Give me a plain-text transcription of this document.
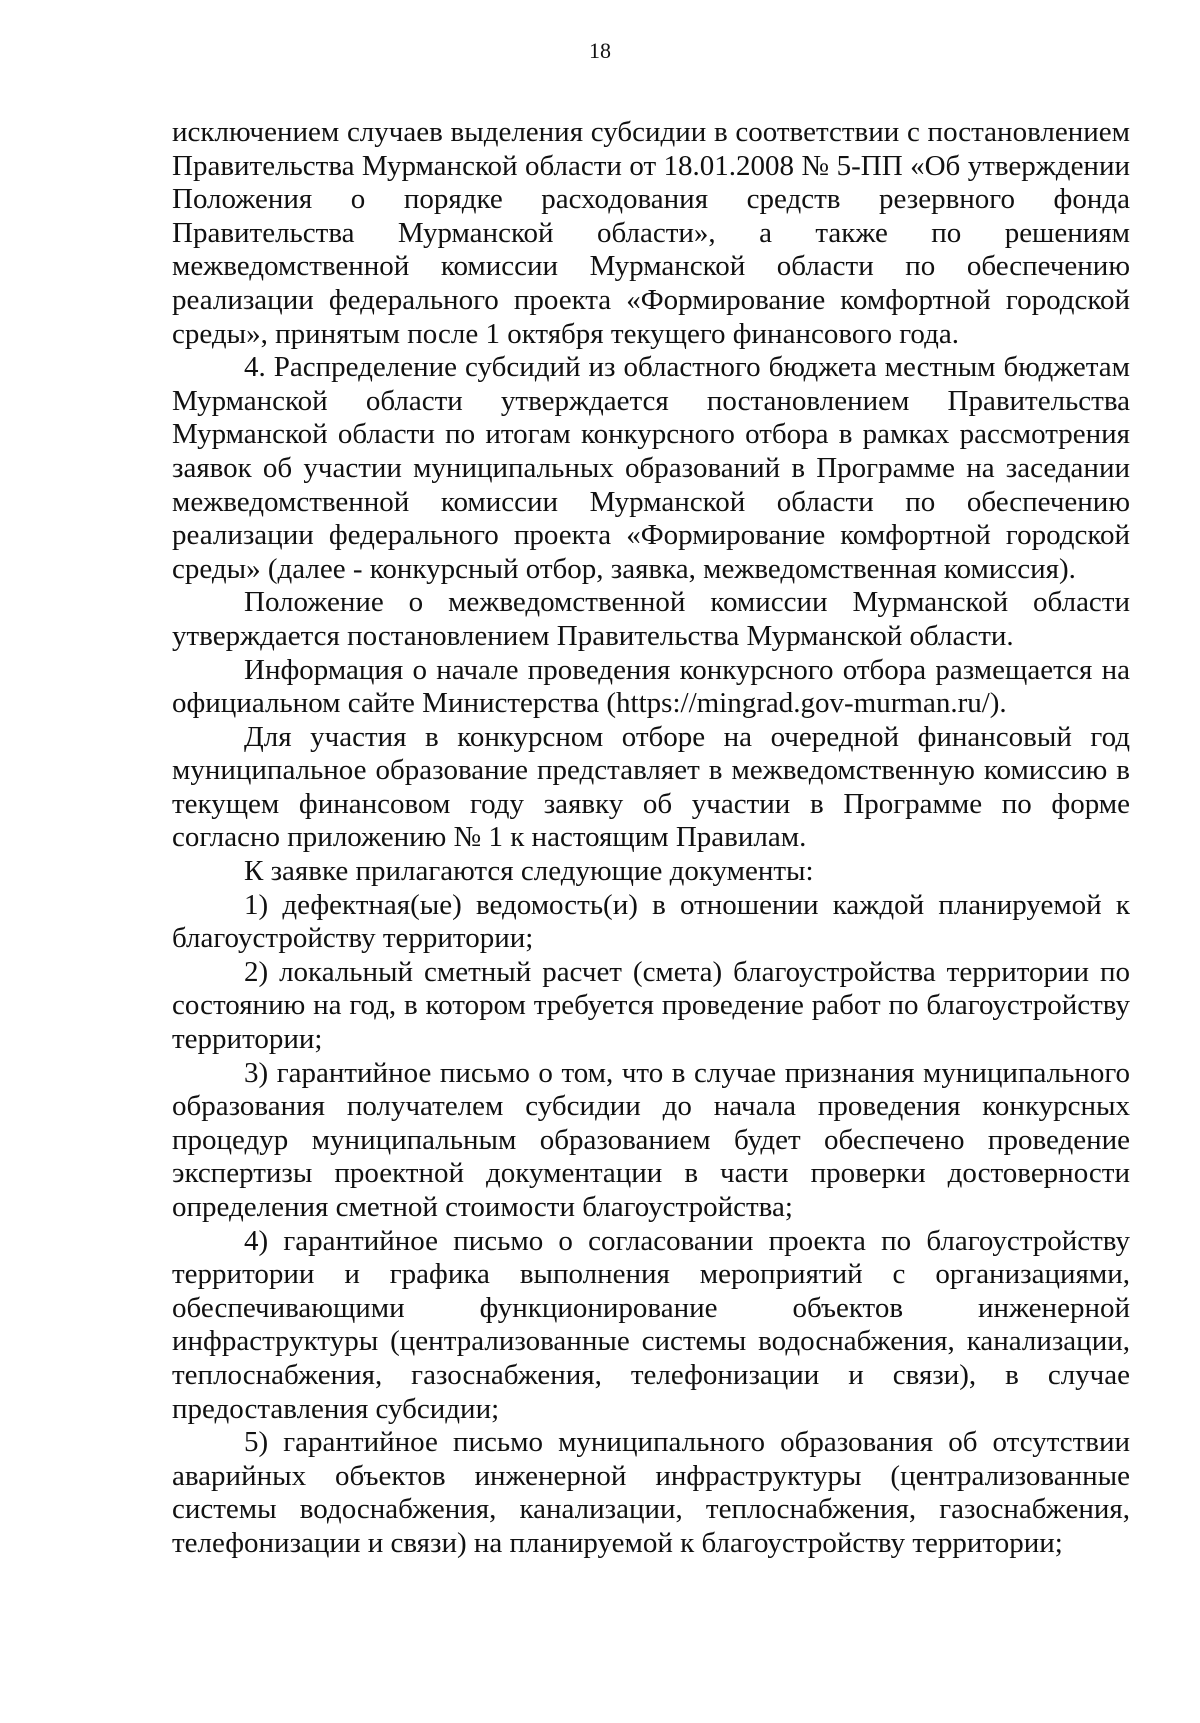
18

исключением случаев выделения субсидии в соответствии с постановлением Правительства Мурманской области от 18.01.2008 № 5-ПП «Об утверждении Положения о порядке расходования средств резервного фонда Правительства Мурманской области», а также по решениям межведомственной комиссии Мурманской области по обеспечению реализации федерального проекта «Формирование комфортной городской среды», принятым после 1 октября текущего финансового года.

4. Распределение субсидий из областного бюджета местным бюджетам Мурманской области утверждается постановлением Правительства Мурманской области по итогам конкурсного отбора в рамках рассмотрения заявок об участии муниципальных образований в Программе на заседании межведомственной комиссии Мурманской области по обеспечению реализации федерального проекта «Формирование комфортной городской среды» (далее - конкурсный отбор, заявка, межведомственная комиссия).

Положение о межведомственной комиссии Мурманской области утверждается постановлением Правительства Мурманской области.

Информация о начале проведения конкурсного отбора размещается на официальном сайте Министерства (https://mingrad.gov-murman.ru/).

Для участия в конкурсном отборе на очередной финансовый год муниципальное образование представляет в межведомственную комиссию в текущем финансовом году заявку об участии в Программе по форме согласно приложению № 1 к настоящим Правилам.

К заявке прилагаются следующие документы:

1) дефектная(ые) ведомость(и) в отношении каждой планируемой к благоустройству территории;

2) локальный сметный расчет (смета) благоустройства территории по состоянию на год, в котором требуется проведение работ по благоустройству территории;

3) гарантийное письмо о том, что в случае признания муниципального образования получателем субсидии до начала проведения конкурсных процедур муниципальным образованием будет обеспечено проведение экспертизы проектной документации в части проверки достоверности определения сметной стоимости благоустройства;

4) гарантийное письмо о согласовании проекта по благоустройству территории и графика выполнения мероприятий с организациями, обеспечивающими функционирование объектов инженерной инфраструктуры (централизованные системы водоснабжения, канализации, теплоснабжения, газоснабжения, телефонизации и связи), в случае предоставления субсидии;

5) гарантийное письмо муниципального образования об отсутствии аварийных объектов инженерной инфраструктуры (централизованные системы водоснабжения, канализации, теплоснабжения, газоснабжения, телефонизации и связи) на планируемой к благоустройству территории;
